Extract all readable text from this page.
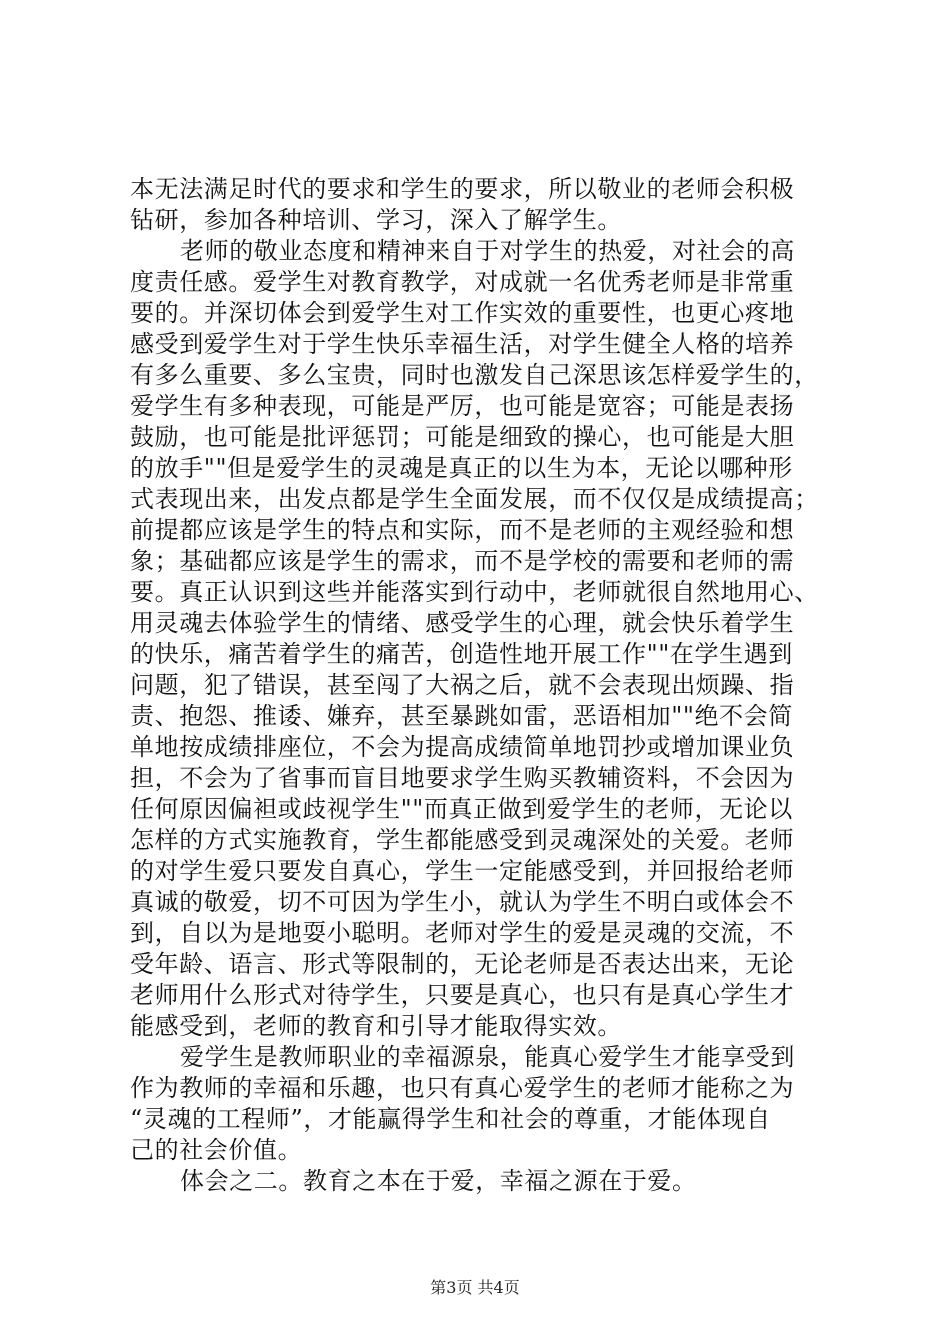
本无法满足时代的要求和学生的要求，所以敬业的老师会积极
钻研，参加各种培训、学习，深入了解学生。
老师的敬业态度和精神来自于对学生的热爱，对社会的高
度责任感。爱学生对教育教学，对成就一名优秀老师是非常重
要的。并深切体会到爱学生对工作实效的重要性，也更心疼地
感受到爱学生对于学生快乐幸福生活，对学生健全人格的培养
有多么重要、多么宝贵，同时也激发自己深思该怎样爱学生的，
爱学生有多种表现，可能是严厉，也可能是宽容；可能是表扬
鼓励，也可能是批评惩罚；可能是细致的操心，也可能是大胆
的放手""但是爱学生的灵魂是真正的以生为本，无论以哪种形
式表现出来，出发点都是学生全面发展，而不仅仅是成绩提高；
前提都应该是学生的特点和实际，而不是老师的主观经验和想
象；基础都应该是学生的需求，而不是学校的需要和老师的需
要。真正认识到这些并能落实到行动中，老师就很自然地用心、
用灵魂去体验学生的情绪、感受学生的心理，就会快乐着学生
的快乐，痛苦着学生的痛苦，创造性地开展工作""在学生遇到
问题，犯了错误，甚至闯了大祸之后，就不会表现出烦躁、指
责、抱怨、推诿、嫌弃，甚至暴跳如雷，恶语相加""绝不会简
单地按成绩排座位，不会为提高成绩简单地罚抄或增加课业负
担，不会为了省事而盲目地要求学生购买教辅资料，不会因为
任何原因偏袒或歧视学生""而真正做到爱学生的老师，无论以
怎样的方式实施教育，学生都能感受到灵魂深处的关爱。老师
的对学生爱只要发自真心，学生一定能感受到，并回报给老师
真诚的敬爱，切不可因为学生小，就认为学生不明白或体会不
到，自以为是地耍小聪明。老师对学生的爱是灵魂的交流，不
受年龄、语言、形式等限制的，无论老师是否表达出来，无论
老师用什么形式对待学生，只要是真心，也只有是真心学生才
能感受到，老师的教育和引导才能取得实效。
爱学生是教师职业的幸福源泉，能真心爱学生才能享受到
作为教师的幸福和乐趣，也只有真心爱学生的老师才能称之为
“灵魂的工程师”，才能赢得学生和社会的尊重，才能体现自
己的社会价值。
体会之二。教育之本在于爱，幸福之源在于爱。
第3页 共4页
